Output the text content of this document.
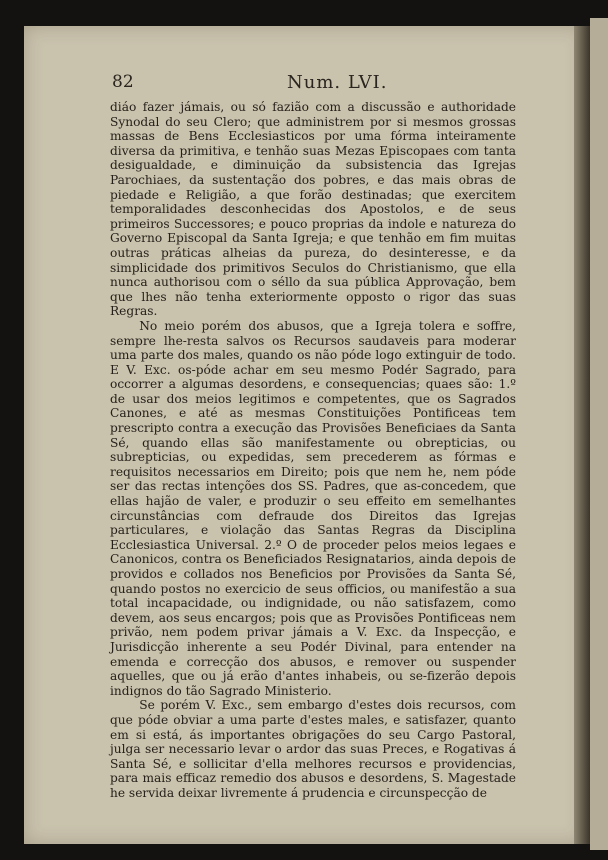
82	Num. LVI.

diáo fazer jámais, ou só fazião com a discussão e authoridade Synodal do seu Clero; que administrem por si mesmos grossas massas de Bens Ecclesiasticos por uma fórma inteiramente diversa da primitiva, e tenhão suas Mezas Episcopaes com tanta desigualdade, e diminuição da subsistencia das Igrejas Parochiaes, da sustentação dos pobres, e das mais obras de piedade e Religião, a que forão destinadas; que exercitem temporalidades desconhecidas dos Apostolos, e de seus primeiros Successores; e pouco proprias da indole e natureza do Governo Episcopal da Santa Igreja; e que tenhão em fim muitas outras práticas alheias da pureza, do desinteresse, e da simplicidade dos primitivos Seculos do Christianismo, que ella nunca authorisou com o séllo da sua pública Approvação, bem que lhes não tenha exteriormente opposto o rigor das suas Regras.

No meio porém dos abusos, que a Igreja tolera e soffre, sempre lhe-resta salvos os Recursos saudaveis para moderar uma parte dos males, quando os não póde logo extinguir de todo. E V. Exc. os-póde achar em seu mesmo Podér Sagrado, para occorrer a algumas desordens, e consequencias; quaes são: 1.º de usar dos meios legitimos e competentes, que os Sagrados Canones, e até as mesmas Constituições Pontificeas tem prescripto contra a execução das Provisões Beneficiaes da Santa Sé, quando ellas são manifestamente ou obrepticias, ou subrepticias, ou expedidas, sem precederem as fórmas e requisitos necessarios em Direito; pois que nem he, nem póde ser das rectas intenções dos SS. Padres, que as-concedem, que ellas hajão de valer, e produzir o seu effeito em semelhantes circunstâncias com defraude dos Direitos das Igrejas particulares, e violação das Santas Regras da Disciplina Ecclesiastica Universal. 2.º O de proceder pelos meios legaes e Canonicos, contra os Beneficiados Resignatarios, ainda depois de providos e collados nos Beneficios por Provisões da Santa Sé, quando postos no exercicio de seus officios, ou manifestão a sua total incapacidade, ou indignidade, ou não satisfazem, como devem, aos seus encargos; pois que as Provisões Pontificeas nem privão, nem podem privar jámais a V. Exc. da Inspecção, e Jurisdicção inherente a seu Podér Divinal, para entender na emenda e correcção dos abusos, e remover ou suspender aquelles, que ou já erão d'antes inhabeis, ou se-fizerão depois indignos do tão Sagrado Ministerio.

Se porém V. Exc., sem embargo d'estes dois recursos, com que póde obviar a uma parte d'estes males, e satisfazer, quanto em si está, ás importantes obrigações do seu Cargo Pastoral, julga ser necessario levar o ardor das suas Preces, e Rogativas á Santa Sé, e sollicitar d'ella melhores recursos e providencias, para mais efficaz remedio dos abusos e desordens, S. Magestade he servida deixar livremente á prudencia e circunspecção de
